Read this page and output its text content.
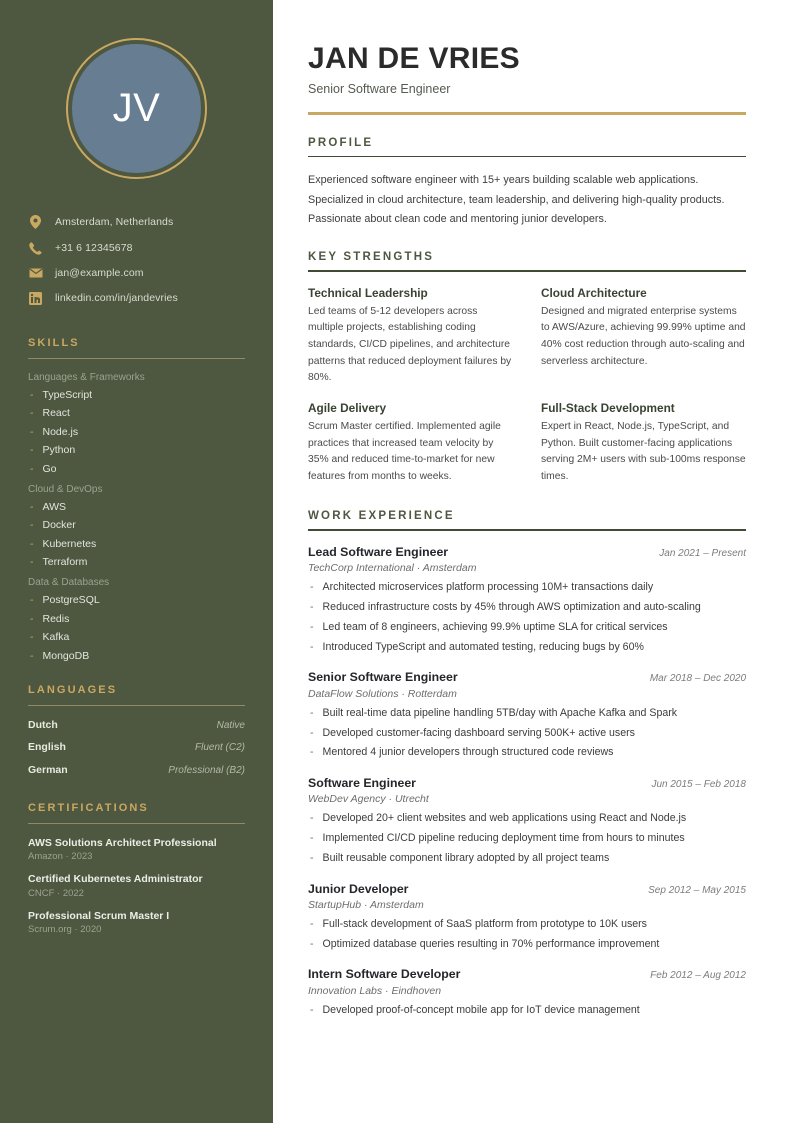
JV
Amsterdam, Netherlands
+31 6 12345678
jan@example.com
linkedin.com/in/jandevries
SKILLS
Languages & Frameworks
- TypeScript
- React
- Node.js
- Python
- Go
Cloud & DevOps
- AWS
- Docker
- Kubernetes
- Terraform
Data & Databases
- PostgreSQL
- Redis
- Kafka
- MongoDB
LANGUAGES
Dutch	Native
English	Fluent (C2)
German	Professional (B2)
CERTIFICATIONS
AWS Solutions Architect Professional
Amazon · 2023
Certified Kubernetes Administrator
CNCF · 2022
Professional Scrum Master I
Scrum.org · 2020
JAN DE VRIES
Senior Software Engineer
PROFILE

Experienced software engineer with 15+ years building scalable web applications. Specialized in cloud architecture, team leadership, and delivering high-quality products. Passionate about clean code and mentoring junior developers.

KEY STRENGTHS
Technical Leadership
Led teams of 5-12 developers across multiple projects, establishing coding standards, CI/CD pipelines, and architecture patterns that reduced deployment failures by 80%.
Cloud Architecture
Designed and migrated enterprise systems to AWS/Azure, achieving 99.99% uptime and 40% cost reduction through auto-scaling and serverless architecture.
Agile Delivery
Scrum Master certified. Implemented agile practices that increased team velocity by 35% and reduced time-to-market for new features from months to weeks.
Full-Stack Development
Expert in React, Node.js, TypeScript, and Python. Built customer-facing applications serving 2M+ users with sub-100ms response times.
WORK EXPERIENCE
Lead Software Engineer	Jan 2021 – Present
TechCorp International · Amsterdam
- Architected microservices platform processing 10M+ transactions daily
- Reduced infrastructure costs by 45% through AWS optimization and auto-scaling
- Led team of 8 engineers, achieving 99.9% uptime SLA for critical services
- Introduced TypeScript and automated testing, reducing bugs by 60%
Senior Software Engineer	Mar 2018 – Dec 2020
DataFlow Solutions · Rotterdam
- Built real-time data pipeline handling 5TB/day with Apache Kafka and Spark
- Developed customer-facing dashboard serving 500K+ active users
- Mentored 4 junior developers through structured code reviews
Software Engineer	Jun 2015 – Feb 2018
WebDev Agency · Utrecht
- Developed 20+ client websites and web applications using React and Node.js
- Implemented CI/CD pipeline reducing deployment time from hours to minutes
- Built reusable component library adopted by all project teams
Junior Developer	Sep 2012 – May 2015
StartupHub · Amsterdam
- Full-stack development of SaaS platform from prototype to 10K users
- Optimized database queries resulting in 70% performance improvement
Intern Software Developer	Feb 2012 – Aug 2012
Innovation Labs · Eindhoven
- Developed proof-of-concept mobile app for IoT device management
